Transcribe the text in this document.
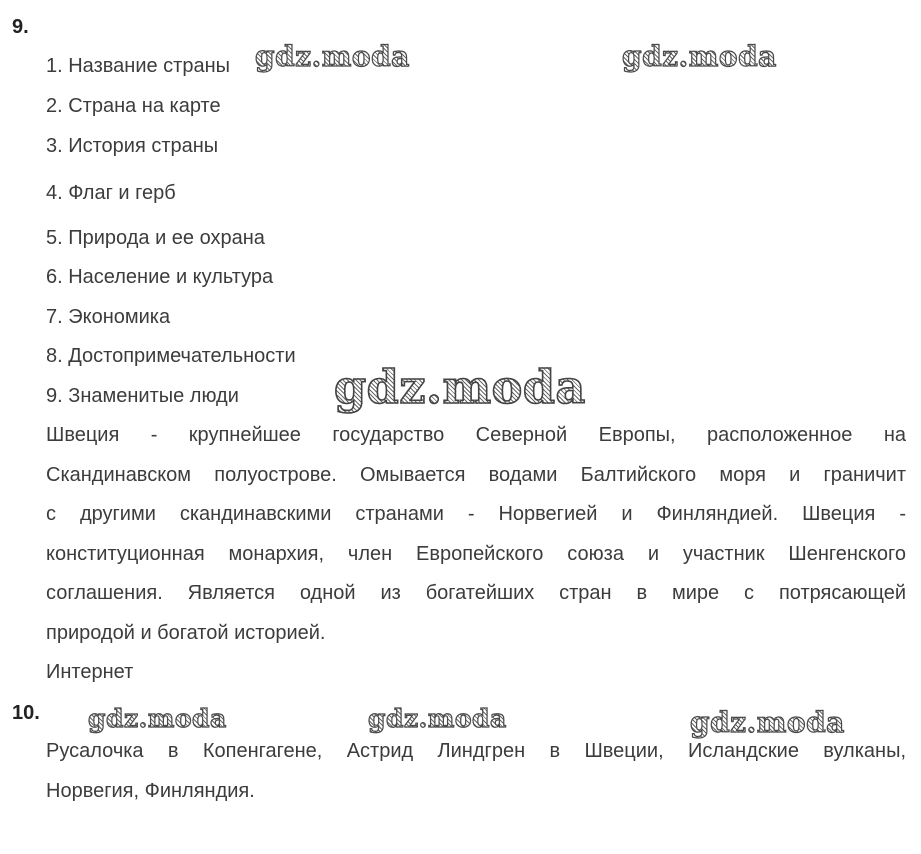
9.
1. Название страны
2. Страна на карте
3. История страны
4. Флаг и герб
5. Природа и ее охрана
6. Население и культура
7. Экономика
8. Достопримечательности
9. Знаменитые люди
Швеция - крупнейшее государство Северной Европы, расположенное на
Скандинавском полуострове. Омывается водами Балтийского моря и граничит
с другими скандинавскими странами - Норвегией и Финляндией. Швеция -
конституционная монархия, член Европейского союза и участник Шенгенского
соглашения. Является одной из богатейших стран в мире с потрясающей
природой и богатой историей.
Интернет
10.
Русалочка в Копенгагене, Астрид Линдгрен в Швеции, Исландские вулканы,
Норвегия, Финляндия.
gdz.moda	gdz.moda
gdz.moda
gdz.moda	gdz.moda	gdz.moda
